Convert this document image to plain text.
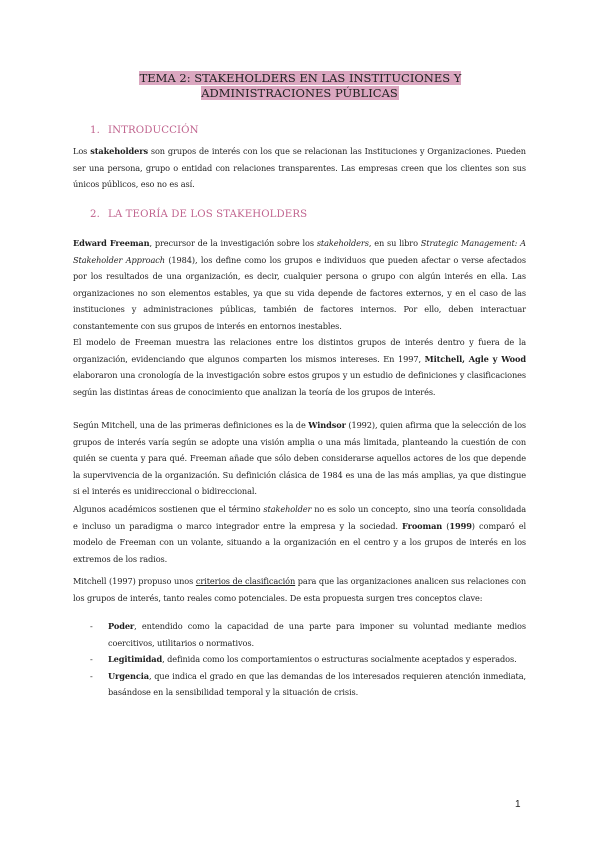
TEMA 2: STAKEHOLDERS EN LAS INSTITUCIONES Y ADMINISTRACIONES PÚBLICAS
1. INTRODUCCIÓN

Los stakeholders son grupos de interés con los que se relacionan las Instituciones y Organizaciones. Pueden ser una persona, grupo o entidad con relaciones transparentes. Las empresas creen que los clientes son sus únicos públicos, eso no es así.

2. LA TEORÍA DE LOS STAKEHOLDERS

Edward Freeman, precursor de la investigación sobre los stakeholders, en su libro Strategic Management: A Stakeholder Approach (1984), los define como los grupos e individuos que pueden afectar o verse afectados por los resultados de una organización, es decir, cualquier persona o grupo con algún interés en ella. Las organizaciones no son elementos estables, ya que su vida depende de factores externos, y en el caso de las instituciones y administraciones públicas, también de factores internos. Por ello, deben interactuar constantemente con sus grupos de interés en entornos inestables.

El modelo de Freeman muestra las relaciones entre los distintos grupos de interés dentro y fuera de la organización, evidenciando que algunos comparten los mismos intereses. En 1997, Mitchell, Agle y Wood elaboraron una cronología de la investigación sobre estos grupos y un estudio de definiciones y clasificaciones según las distintas áreas de conocimiento que analizan la teoría de los grupos de interés.

Según Mitchell, una de las primeras definiciones es la de Windsor (1992), quien afirma que la selección de los grupos de interés varía según se adopte una visión amplia o una más limitada, planteando la cuestión de con quién se cuenta y para qué. Freeman añade que sólo deben considerarse aquellos actores de los que depende la supervivencia de la organización. Su definición clásica de 1984 es una de las más amplias, ya que distingue si el interés es unidireccional o bidireccional.

Algunos académicos sostienen que el término stakeholder no es solo un concepto, sino una teoría consolidada e incluso un paradigma o marco integrador entre la empresa y la sociedad. Frooman (1999) comparó el modelo de Freeman con un volante, situando a la organización en el centro y a los grupos de interés en los extremos de los radios.

Mitchell (1997) propuso unos criterios de clasificación para que las organizaciones analicen sus relaciones con los grupos de interés, tanto reales como potenciales. De esta propuesta surgen tres conceptos clave:

- Poder, entendido como la capacidad de una parte para imponer su voluntad mediante medios coercitivos, utilitarios o normativos.
- Legitimidad, definida como los comportamientos o estructuras socialmente aceptados y esperados.
- Urgencia, que indica el grado en que las demandas de los interesados requieren atención inmediata, basándose en la sensibilidad temporal y la situación de crisis.
1
